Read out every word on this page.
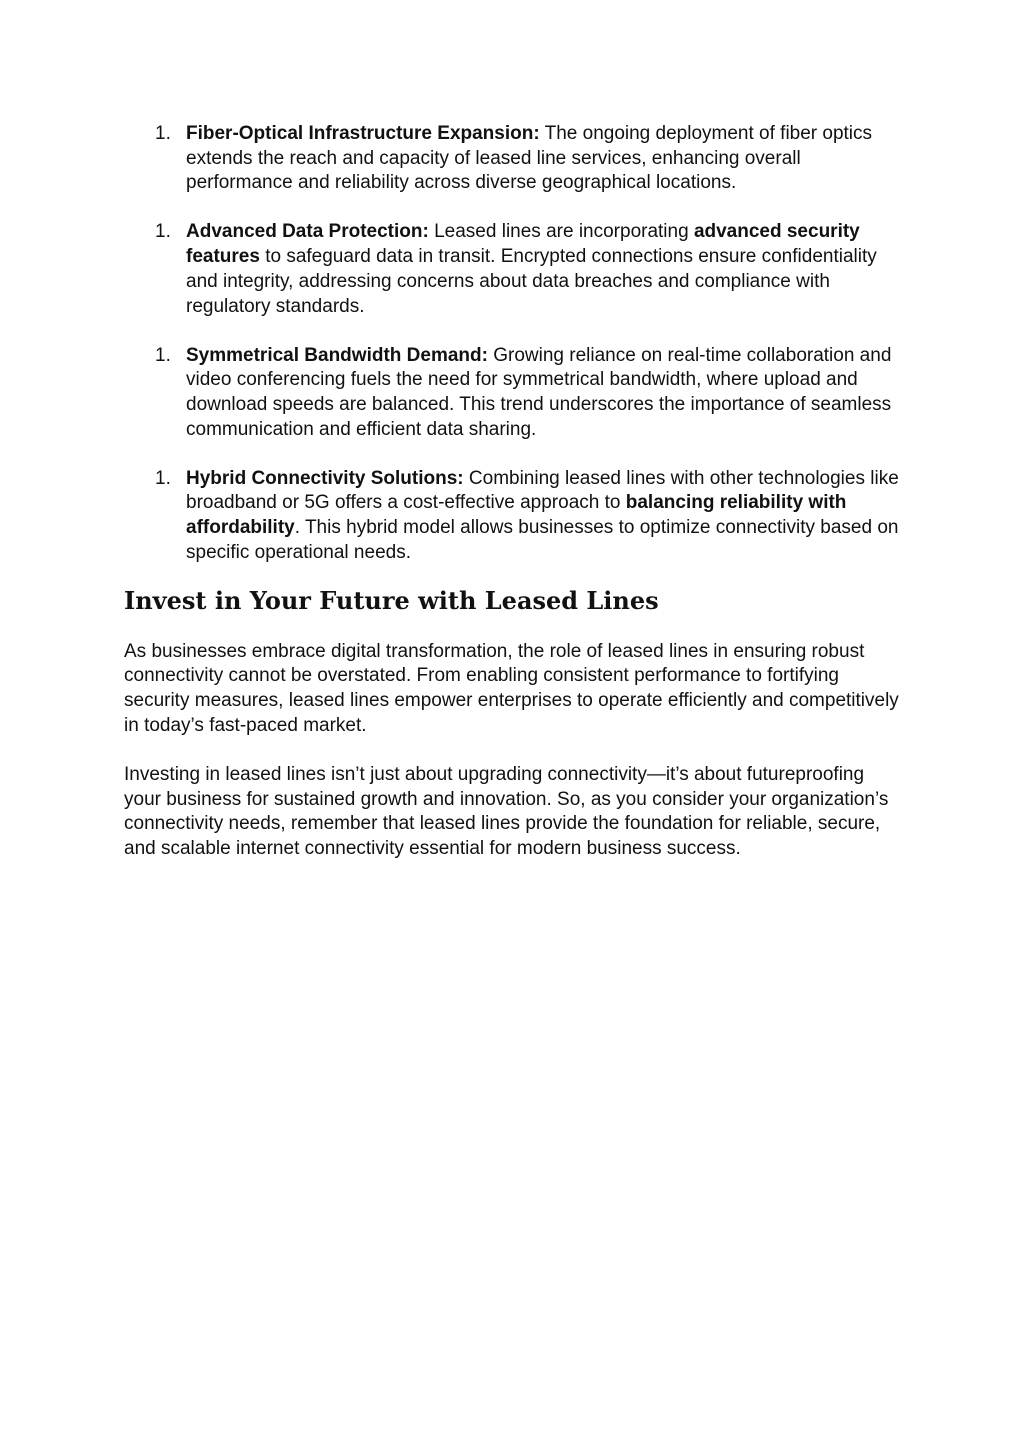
1. Fiber-Optical Infrastructure Expansion: The ongoing deployment of fiber optics extends the reach and capacity of leased line services, enhancing overall performance and reliability across diverse geographical locations.
1. Advanced Data Protection: Leased lines are incorporating advanced security features to safeguard data in transit. Encrypted connections ensure confidentiality and integrity, addressing concerns about data breaches and compliance with regulatory standards.
1. Symmetrical Bandwidth Demand: Growing reliance on real-time collaboration and video conferencing fuels the need for symmetrical bandwidth, where upload and download speeds are balanced. This trend underscores the importance of seamless communication and efficient data sharing.
1. Hybrid Connectivity Solutions: Combining leased lines with other technologies like broadband or 5G offers a cost-effective approach to balancing reliability with affordability. This hybrid model allows businesses to optimize connectivity based on specific operational needs.
Invest in Your Future with Leased Lines

As businesses embrace digital transformation, the role of leased lines in ensuring robust connectivity cannot be overstated. From enabling consistent performance to fortifying security measures, leased lines empower enterprises to operate efficiently and competitively in today’s fast-paced market.

Investing in leased lines isn’t just about upgrading connectivity—it’s about futureproofing your business for sustained growth and innovation. So, as you consider your organization’s connectivity needs, remember that leased lines provide the foundation for reliable, secure, and scalable internet connectivity essential for modern business success.
